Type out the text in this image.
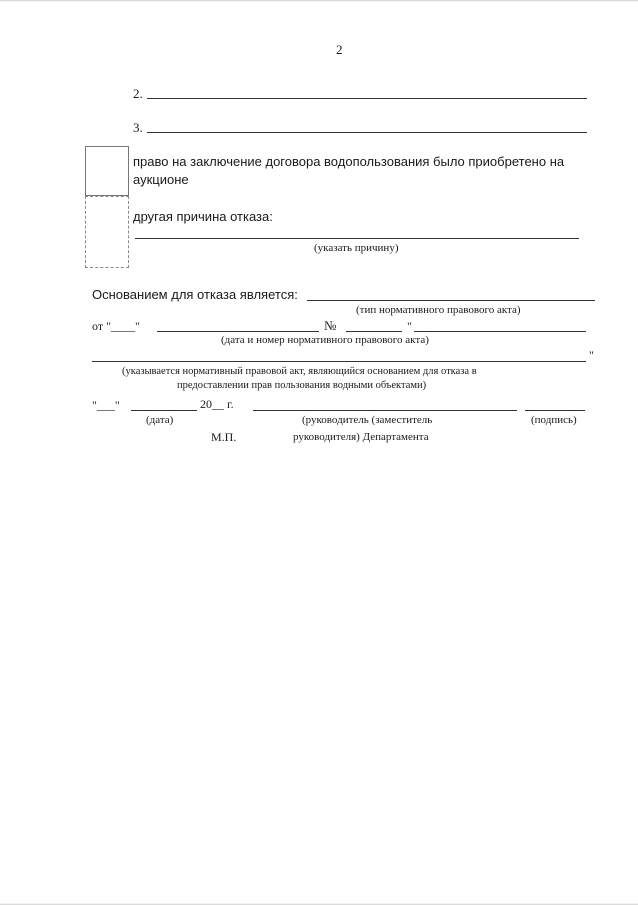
2
2.
3.
право на заключение договора водопользования было приобретено на
аукционе
другая причина отказа:
(указать причину)
Основанием для отказа является:
(тип нормативного правового акта)
от "____"	№	"
(дата и номер нормативного правового акта)
"
(указывается нормативный правовой акт, являющийся основанием для отказа в
предоставлении прав пользования водными объектами)
"___"	20__ г.
(дата)	(руководитель (заместитель	(подпись)
М.П.	руководителя) Департамента
